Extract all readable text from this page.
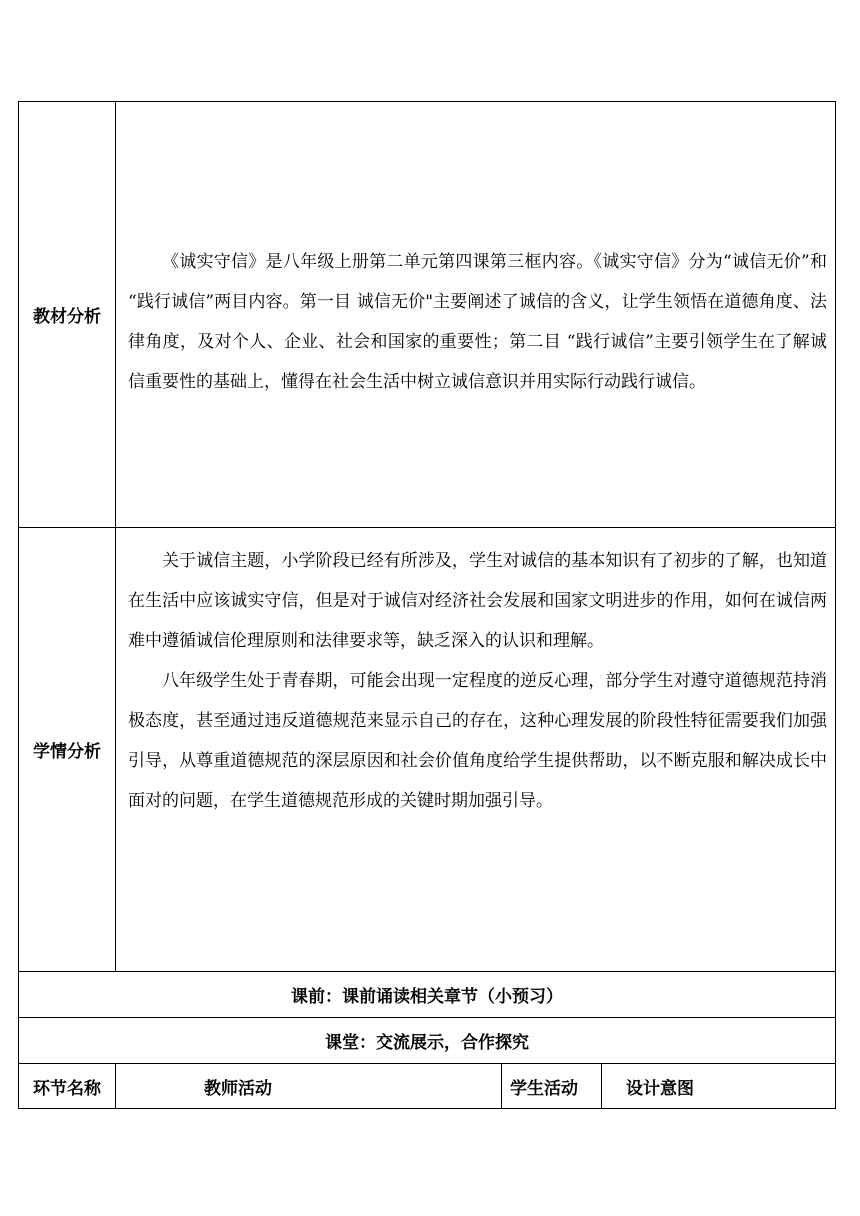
教材分析	《诚实守信》是八年级上册第二单元第四课第三框内容。《诚实守信》分为“诚信无价”和 “践行诚信”两目内容。第一目 诚信无价"主要阐述了诚信的含义，让学生领悟在道德角度、法律角度，及对个人、企业、社会和国家的重要性；第二目 “践行诚信”主要引领学生在了解诚信重要性的基础上，懂得在社会生活中树立诚信意识并用实际行动践行诚信。		

学情分析	关于诚信主题，小学阶段已经有所涉及，学生对诚信的基本知识有了初步的了解，也知道在生活中应该诚实守信，但是对于诚信对经济社会发展和国家文明进步的作用，如何在诚信两难中遵循诚信伦理原则和法律要求等，缺乏深入的认识和理解。

八年级学生处于青春期，可能会出现一定程度的逆反心理，部分学生对遵守道德规范持消极态度，甚至通过违反道德规范来显示自己的存在，这种心理发展的阶段性特征需要我们加强引导，从尊重道德规范的深层原因和社会价值角度给学生提供帮助，以不断克服和解决成长中面对的问题，在学生道德规范形成的关键时期加强引导。		

课前：课前诵读相关章节（小预习）			
课堂：交流展示，合作探究			
环节名称	教师活动	学生活动	设计意图
